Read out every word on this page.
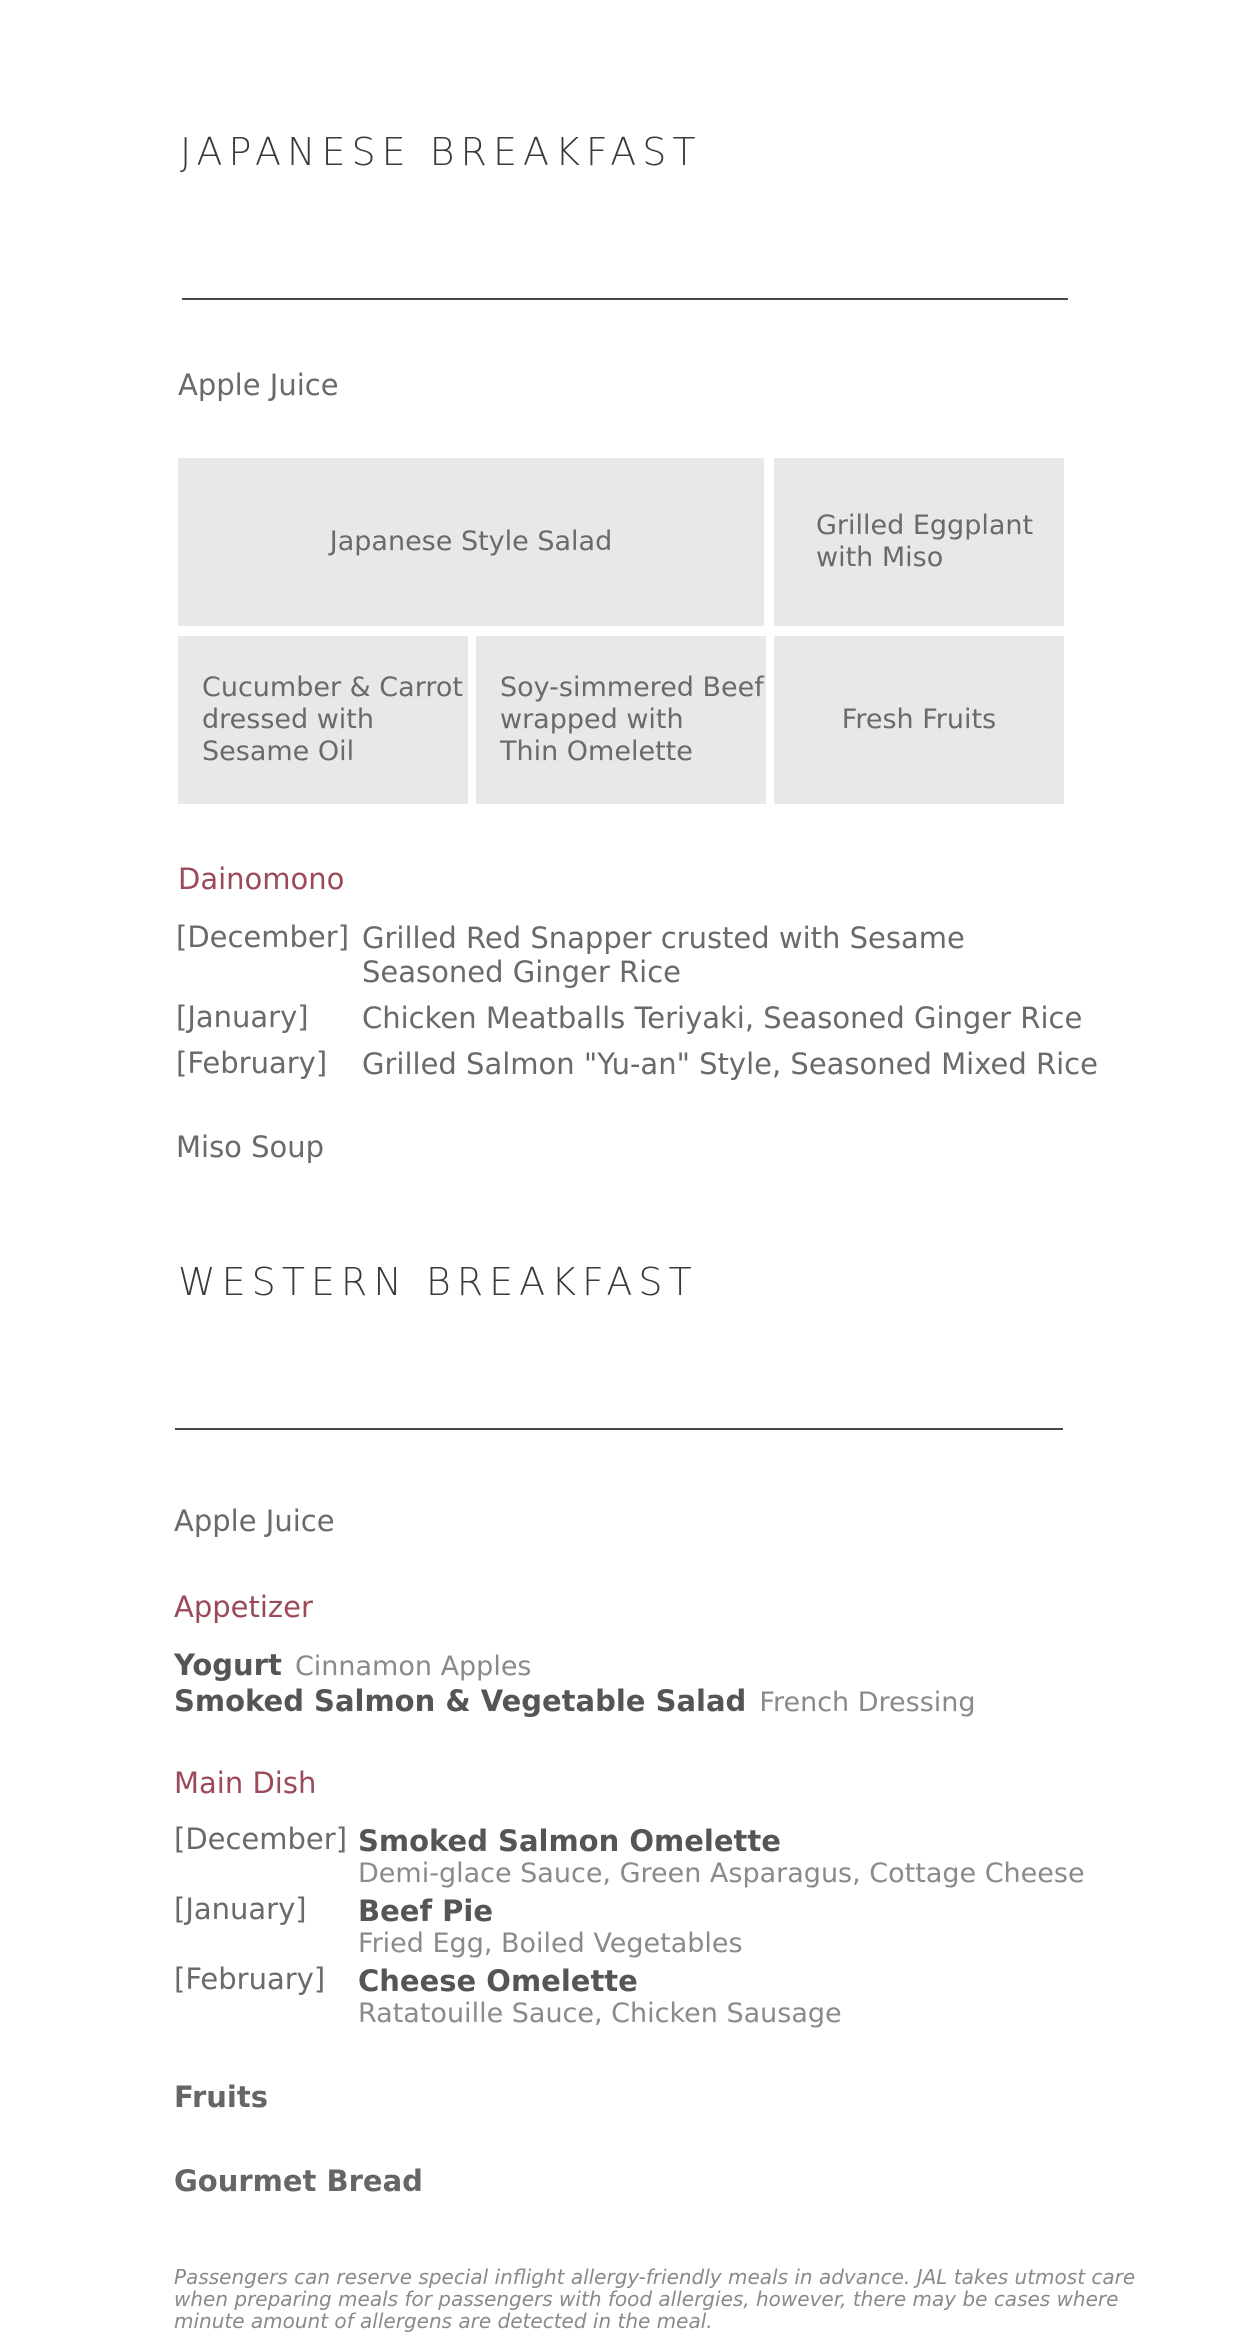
JAPANESE BREAKFAST
Apple Juice
Japanese Style Salad
Grilled Eggplant
with Miso
Cucumber & Carrot
dressed with
Sesame Oil
Soy-simmered Beef
wrapped with
Thin Omelette
Fresh Fruits
Dainomono
[December] Grilled Red Snapper crusted with Sesame
Seasoned Ginger Rice
[January] Chicken Meatballs Teriyaki, Seasoned Ginger Rice
[February] Grilled Salmon "Yu-an" Style, Seasoned Mixed Rice
Miso Soup
WESTERN BREAKFAST
Apple Juice
Appetizer
Yogurt Cinnamon Apples
Smoked Salmon & Vegetable Salad French Dressing
Main Dish
[December] Smoked Salmon Omelette
Demi-glace Sauce, Green Asparagus, Cottage Cheese
[January] Beef Pie
Fried Egg, Boiled Vegetables
[February] Cheese Omelette
Ratatouille Sauce, Chicken Sausage
Fruits
Gourmet Bread
Passengers can reserve special inflight allergy-friendly meals in advance. JAL takes utmost care
when preparing meals for passengers with food allergies, however, there may be cases where
minute amount of allergens are detected in the meal.
